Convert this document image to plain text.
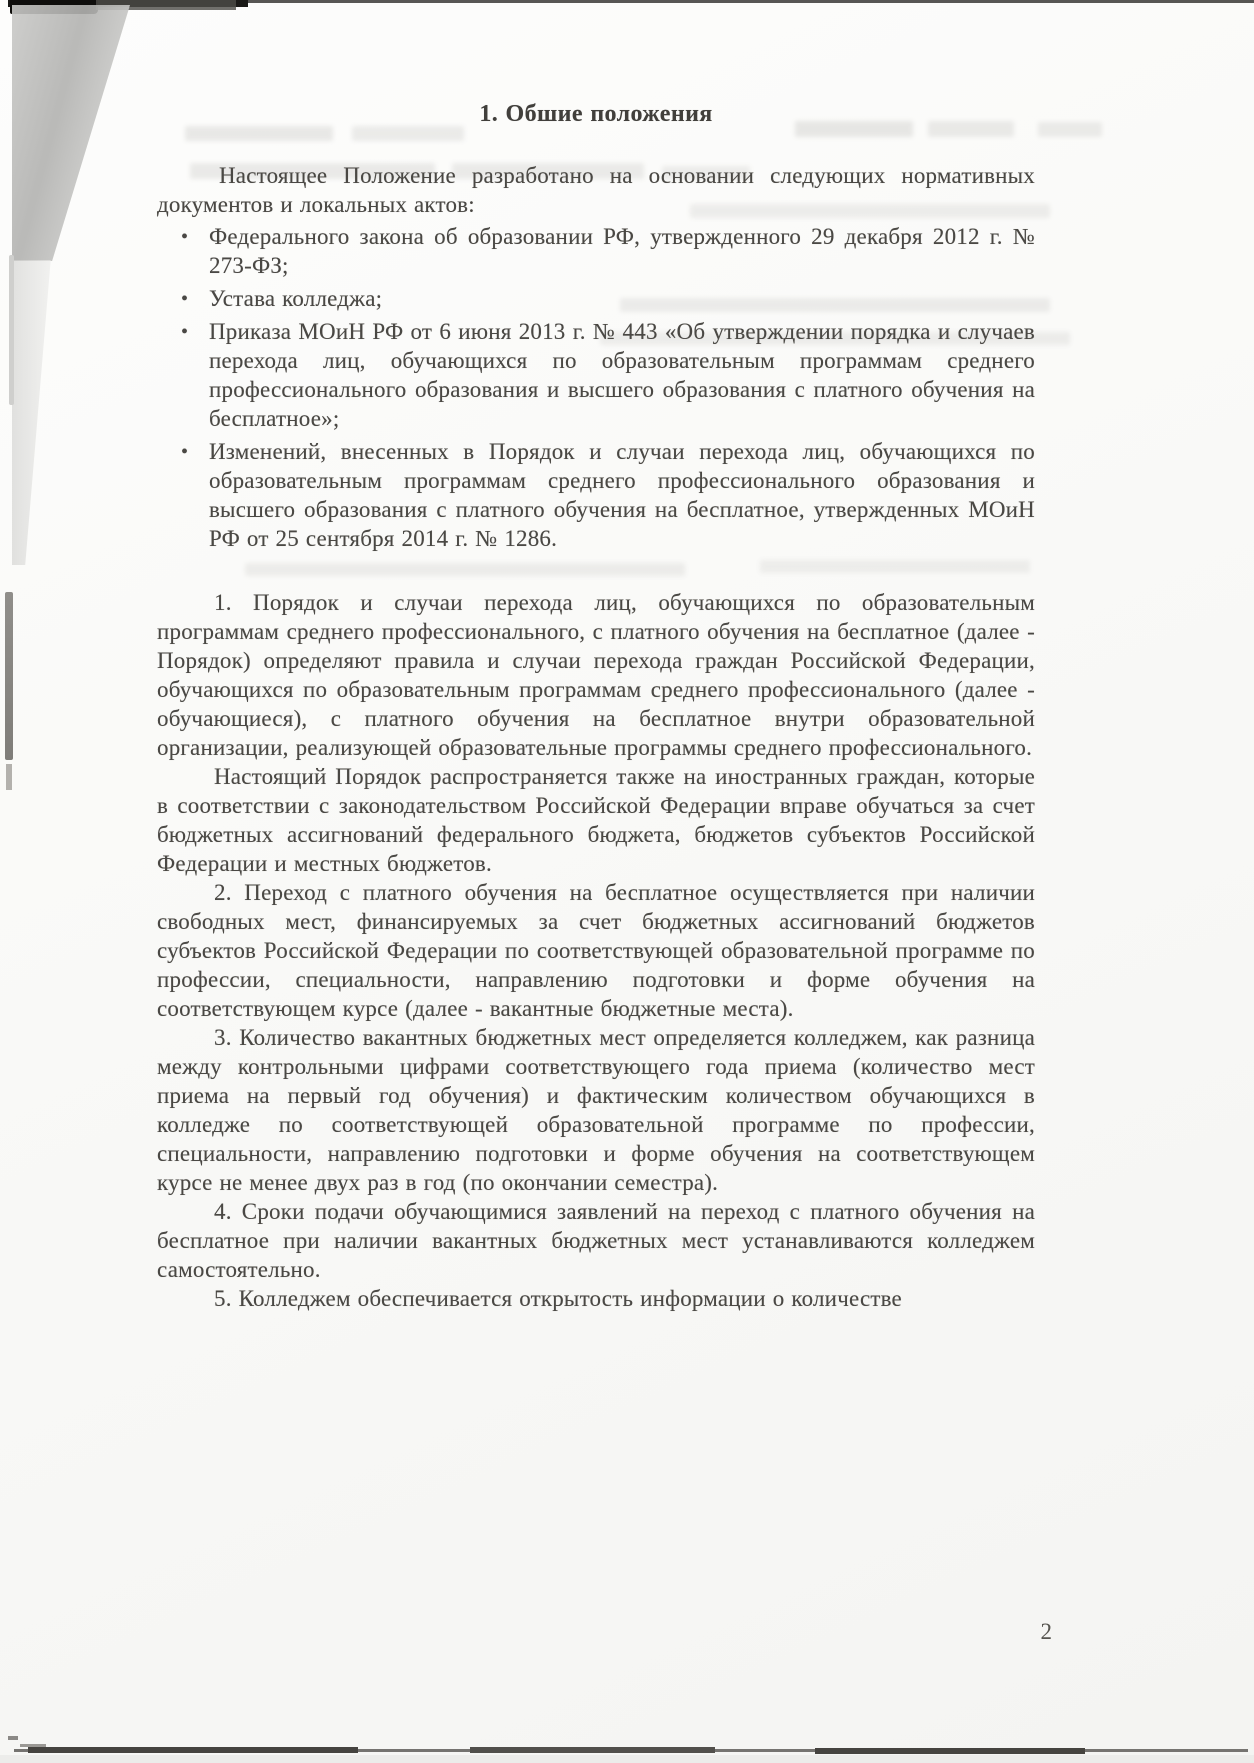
1. Обшие положения

Настоящее Положение разработано на основании следующих нормативных документов и локальных актов:

• Федерального закона об образовании РФ, утвержденного 29 декабря 2012 г. № 273-ФЗ;
• Устава колледжа;
• Приказа МОиН РФ от 6 июня 2013 г. № 443 «Об утверждении порядка и случаев перехода лиц, обучающихся по образовательным программам среднего профессионального образования и высшего образования с платного обучения на бесплатное»;
• Изменений, внесенных в Порядок и случаи перехода лиц, обучающихся по образовательным программам среднего профессионального образования и высшего образования с платного обучения на бесплатное, утвержденных МОиН РФ от 25 сентября 2014 г. № 1286.

1. Порядок и случаи перехода лиц, обучающихся по образовательным программам среднего профессионального, с платного обучения на бесплатное (далее - Порядок) определяют правила и случаи перехода граждан Российской Федерации, обучающихся по образовательным программам среднего профессионального (далее - обучающиеся), с платного обучения на бесплатное внутри образовательной организации, реализующей образовательные программы среднего профессионального.

Настоящий Порядок распространяется также на иностранных граждан, которые в соответствии с законодательством Российской Федерации вправе обучаться за счет бюджетных ассигнований федерального бюджета, бюджетов субъектов Российской Федерации и местных бюджетов.

2. Переход с платного обучения на бесплатное осуществляется при наличии свободных мест, финансируемых за счет бюджетных ассигнований бюджетов субъектов Российской Федерации по соответствующей образовательной программе по профессии, специальности, направлению подготовки и форме обучения на соответствующем курсе (далее - вакантные бюджетные места).

3. Количество вакантных бюджетных мест определяется колледжем, как разница между контрольными цифрами соответствующего года приема (количество мест приема на первый год обучения) и фактическим количеством обучающихся в колледже по соответствующей образовательной программе по профессии, специальности, направлению подготовки и форме обучения на соответствующем курсе не менее двух раз в год (по окончании семестра).

4. Сроки подачи обучающимися заявлений на переход с платного обучения на бесплатное при наличии вакантных бюджетных мест устанавливаются колледжем самостоятельно.

5. Колледжем обеспечивается открытость информации о количестве

2
